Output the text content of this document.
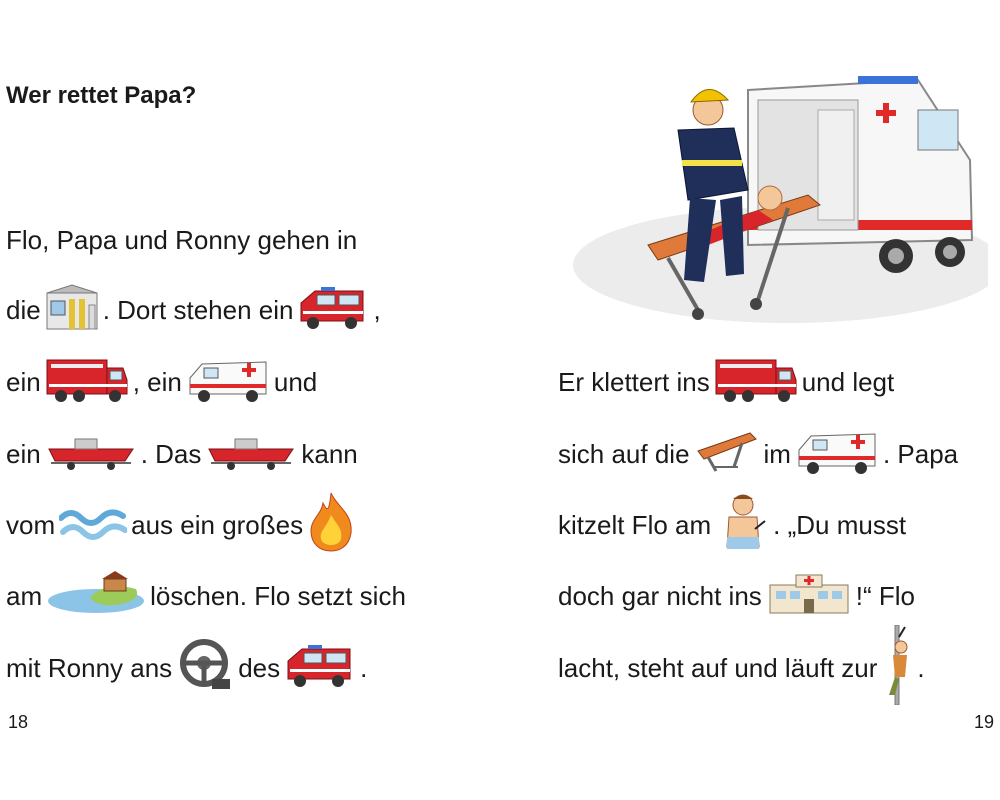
Wer rettet Papa?
Flo, Papa und Ronny gehen in
die . Dort stehen ein	,
ein	, ein	und
ein	. Das	kann
vom	aus ein großes
am	löschen. Flo setzt sich
mit Ronny ans	des	.
18
Er klettert ins	und legt
sich auf die	im	. Papa
kitzelt Flo am . „Du musst
doch gar nicht ins	!“ Flo
lacht, steht auf und läuft zur .
19
